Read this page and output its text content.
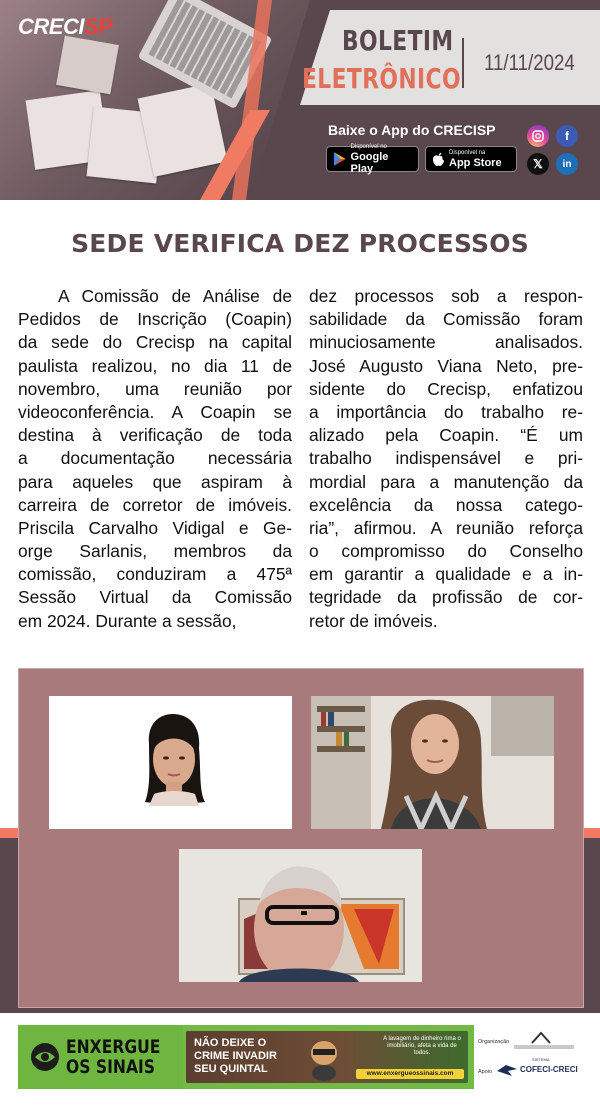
CRECISP	BOLETIM
ELETRÔNICO 11/11/2024
Baixe o App do CRECISP
Disponível no
Google Play
Disponível na
App Store
f
𝕏	in
SEDE VERIFICA DEZ PROCESSOS
A Comissão de Análise de
Pedidos de Inscrição (Coapin)
da sede do Crecisp na capital
paulista realizou, no dia 11 de
novembro, uma reunião por
videoconferência. A Coapin se
destina à verificação de toda
a documentação necessária
para aqueles que aspiram à
carreira de corretor de imóveis.
Priscila Carvalho Vidigal e Ge-
orge Sarlanis, membros da
comissão, conduziram a 475ª
Sessão Virtual da Comissão
em 2024. Durante a sessão,
dez processos sob a respon-
sabilidade da Comissão foram
minuciosamente analisados.
José Augusto Viana Neto, pre-
sidente do Crecisp, enfatizou
a importância do trabalho re-
alizado pela Coapin. “É um
trabalho indispensável e pri-
mordial para a manutenção da
excelência da nossa catego-
ria”, afirmou. A reunião reforça
o compromisso do Conselho
em garantir a qualidade e a in-
tegridade da profissão de cor-
retor de imóveis.
ENXERGUE
OS SINAIS
NÃO DEIXE O
CRIME INVADIR
SEU QUINTAL
A lavagem de dinheiro rima o imobiliário, afeta a vida de todos.
www.enxergueossinais.com
Organização
Apoio
SISTEMA
COFECI-CRECI
